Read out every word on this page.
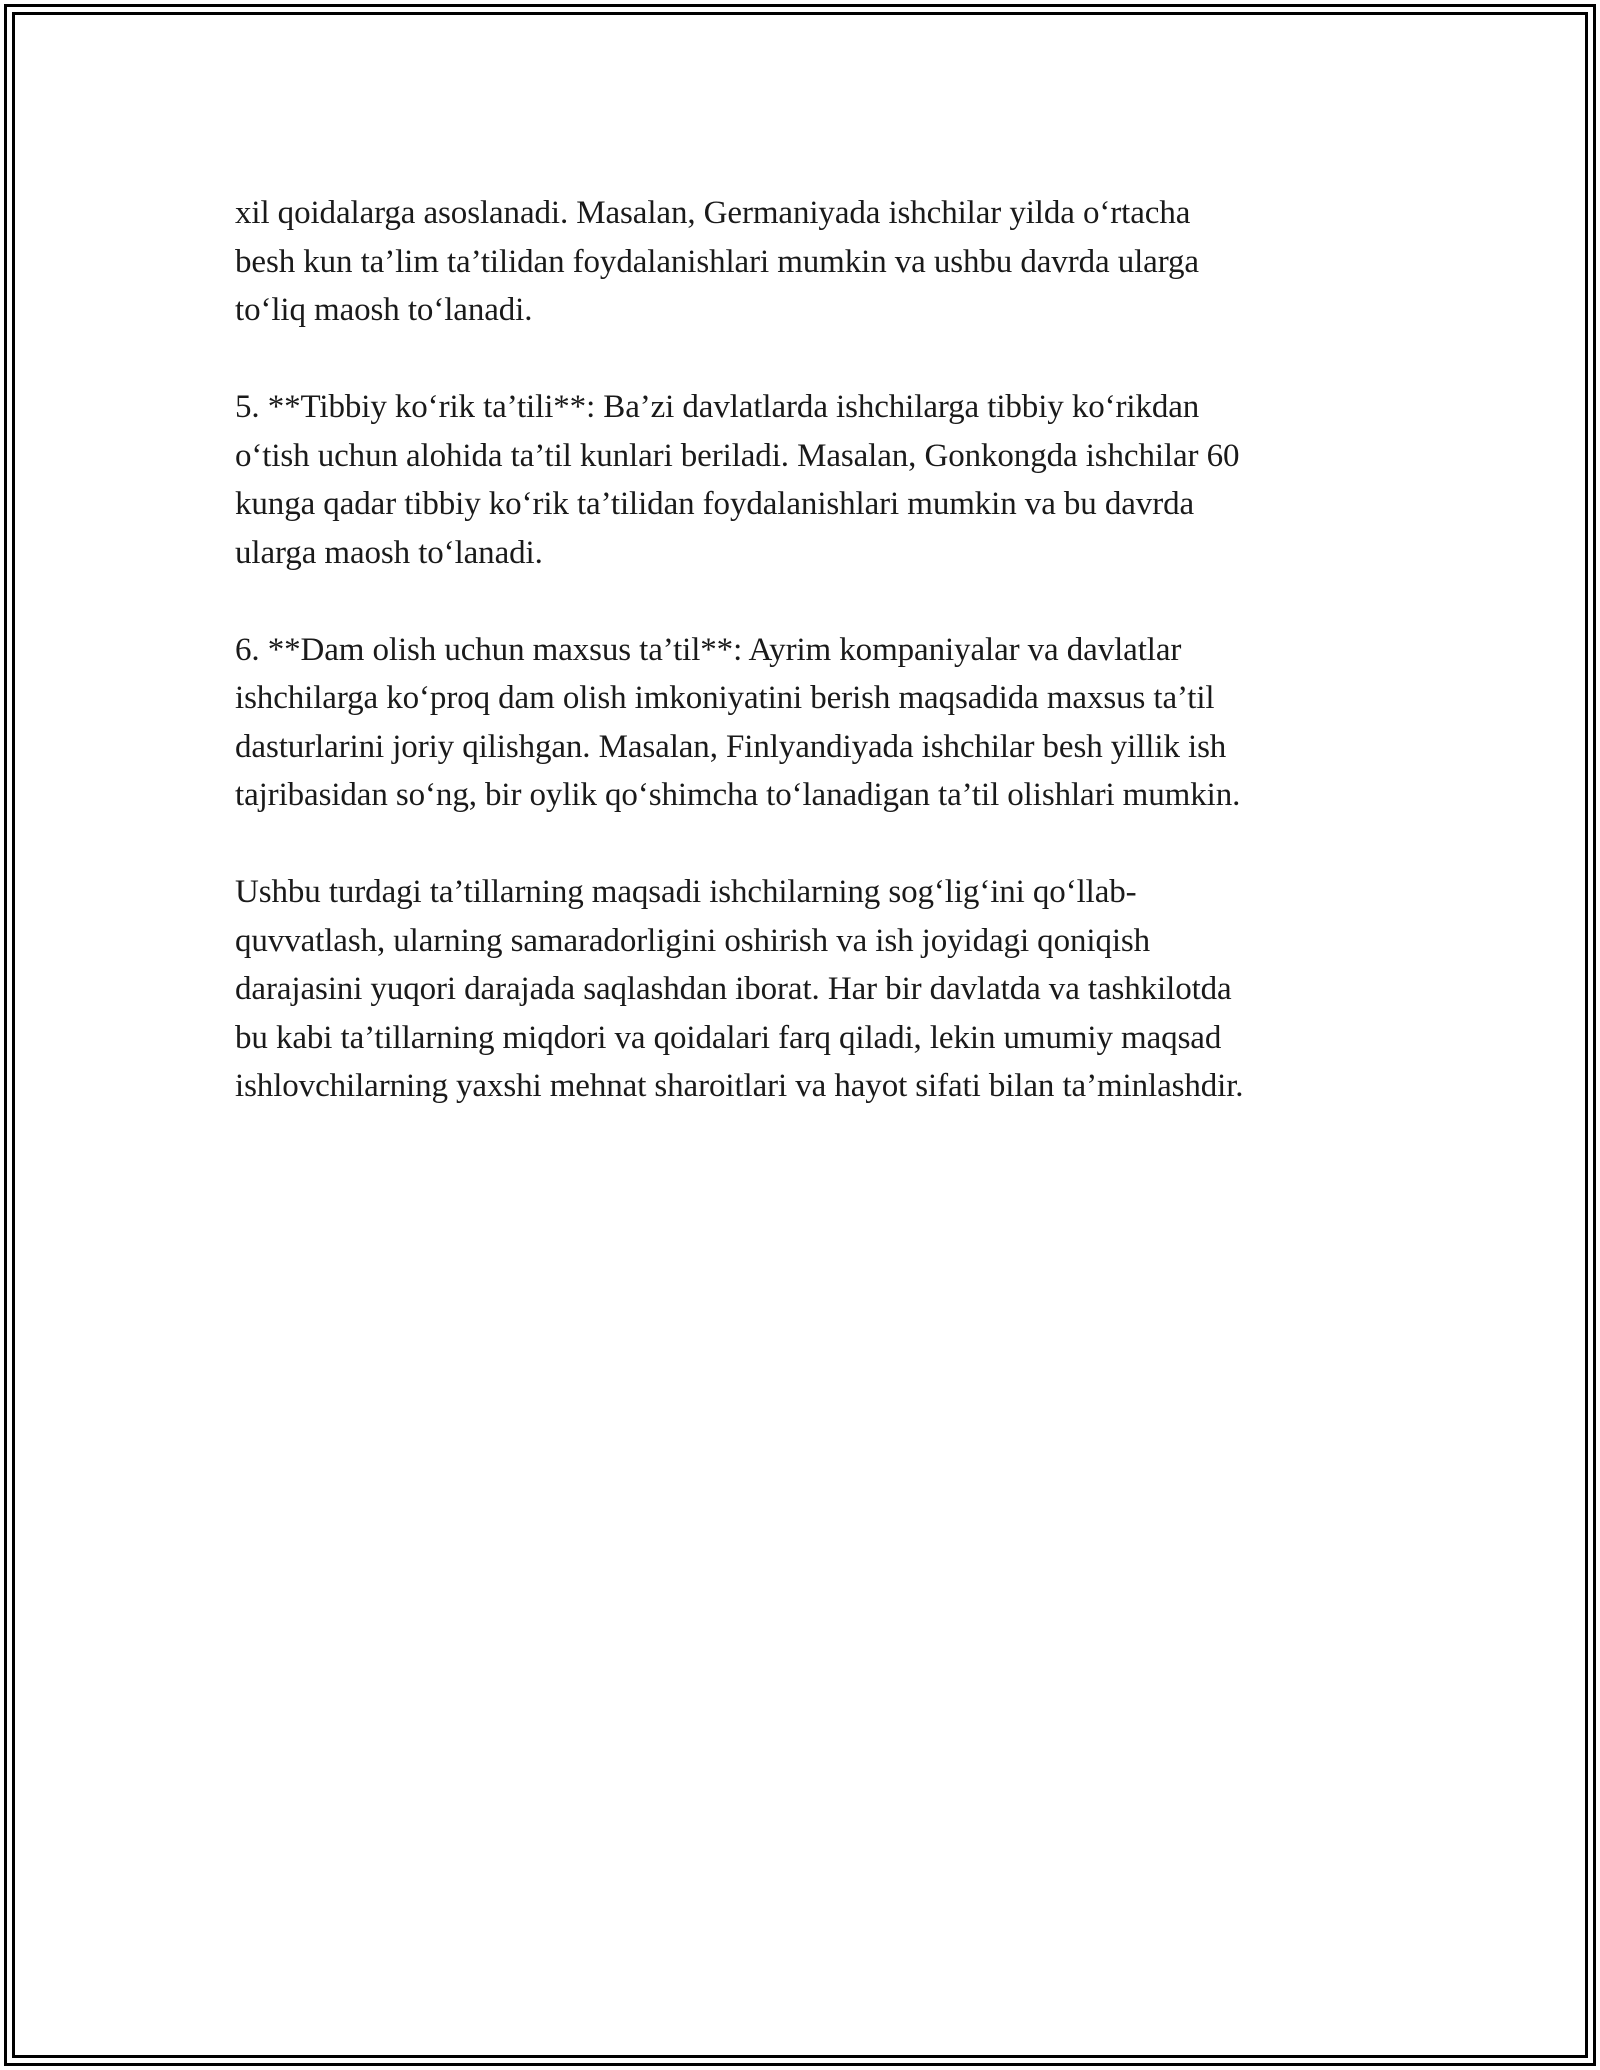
xil qoidalarga asoslanadi. Masalan, Germaniyada ishchilar yilda o‘rtacha
besh kun ta’lim ta’tilidan foydalanishlari mumkin va ushbu davrda ularga
to‘liq maosh to‘lanadi.
5. **Tibbiy ko‘rik ta’tili**: Ba’zi davlatlarda ishchilarga tibbiy ko‘rikdan
o‘tish uchun alohida ta’til kunlari beriladi. Masalan, Gonkongda ishchilar 60
kunga qadar tibbiy ko‘rik ta’tilidan foydalanishlari mumkin va bu davrda
ularga maosh to‘lanadi.
6. **Dam olish uchun maxsus ta’til**: Ayrim kompaniyalar va davlatlar
ishchilarga ko‘proq dam olish imkoniyatini berish maqsadida maxsus ta’til
dasturlarini joriy qilishgan. Masalan, Finlyandiyada ishchilar besh yillik ish
tajribasidan so‘ng, bir oylik qo‘shimcha to‘lanadigan ta’til olishlari mumkin.
Ushbu turdagi ta’tillarning maqsadi ishchilarning sog‘lig‘ini qo‘llab-
quvvatlash, ularning samaradorligini oshirish va ish joyidagi qoniqish
darajasini yuqori darajada saqlashdan iborat. Har bir davlatda va tashkilotda
bu kabi ta’tillarning miqdori va qoidalari farq qiladi, lekin umumiy maqsad
ishlovchilarning yaxshi mehnat sharoitlari va hayot sifati bilan ta’minlashdir.
